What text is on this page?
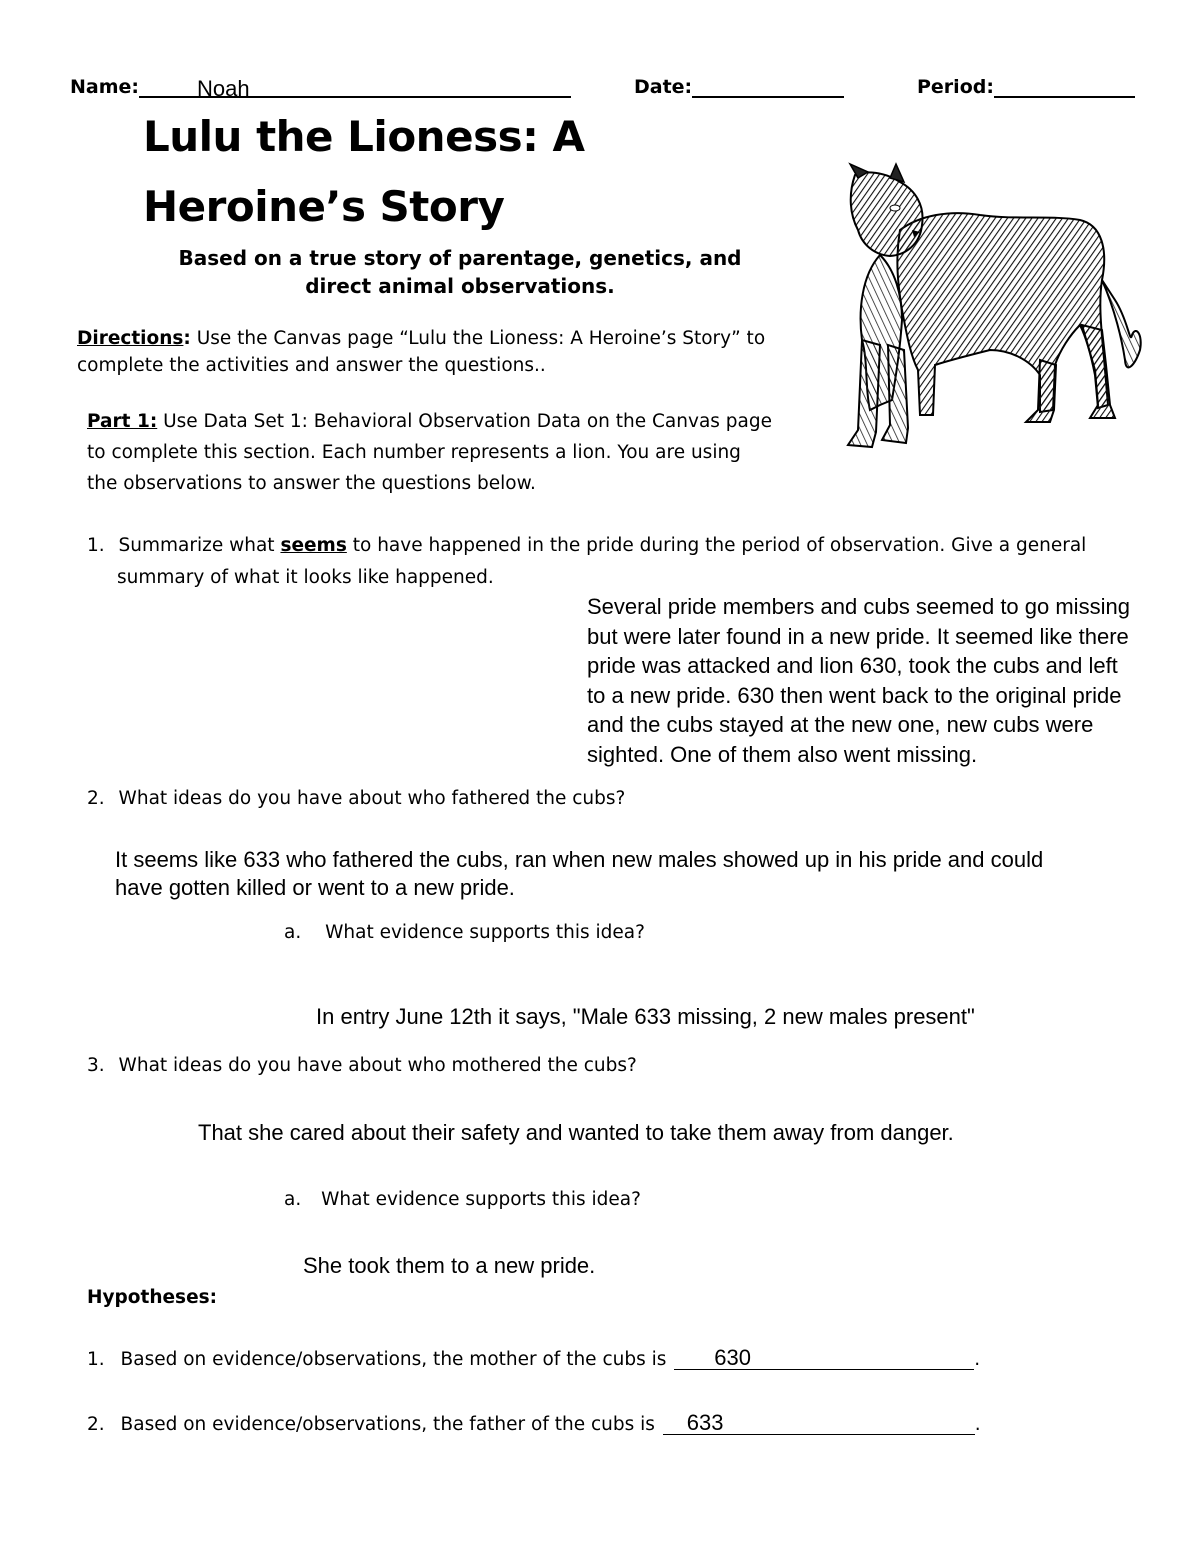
Name:	Noah	Date:	Period:
Lulu the Lioness: A
Heroine’s Story
Based on a true story of parentage, genetics, and direct animal observations.
Directions: Use the Canvas page “Lulu the Lioness: A Heroine’s Story” to
complete the activities and answer the questions..
Part 1: Use Data Set 1: Behavioral Observation Data on the Canvas page
to complete this section. Each number represents a lion. You are using
the observations to answer the questions below.
1. Summarize what seems to have happened in the pride during the period of observation. Give a general
summary of what it looks like happened.
Several pride members and cubs seemed to go missing
but were later found in a new pride. It seemed like there
pride was attacked and lion 630, took the cubs and left
to a new pride. 630 then went back to the original pride
and the cubs stayed at the new one, new cubs were
sighted. One of them also went missing.
2. What ideas do you have about who fathered the cubs?
It seems like 633 who fathered the cubs, ran when new males showed up in his pride and could
have gotten killed or went to a new pride.
a. What evidence supports this idea?
In entry June 12th it says, "Male 633 missing, 2 new males present"
3. What ideas do you have about who mothered the cubs?
That she cared about their safety and wanted to take them away from danger.
a. What evidence supports this idea?
She took them to a new pride.
Hypotheses:
1. Based on evidence/observations, the mother of the cubs is 630	.
2. Based on evidence/observations, the father of the cubs is 633	.
